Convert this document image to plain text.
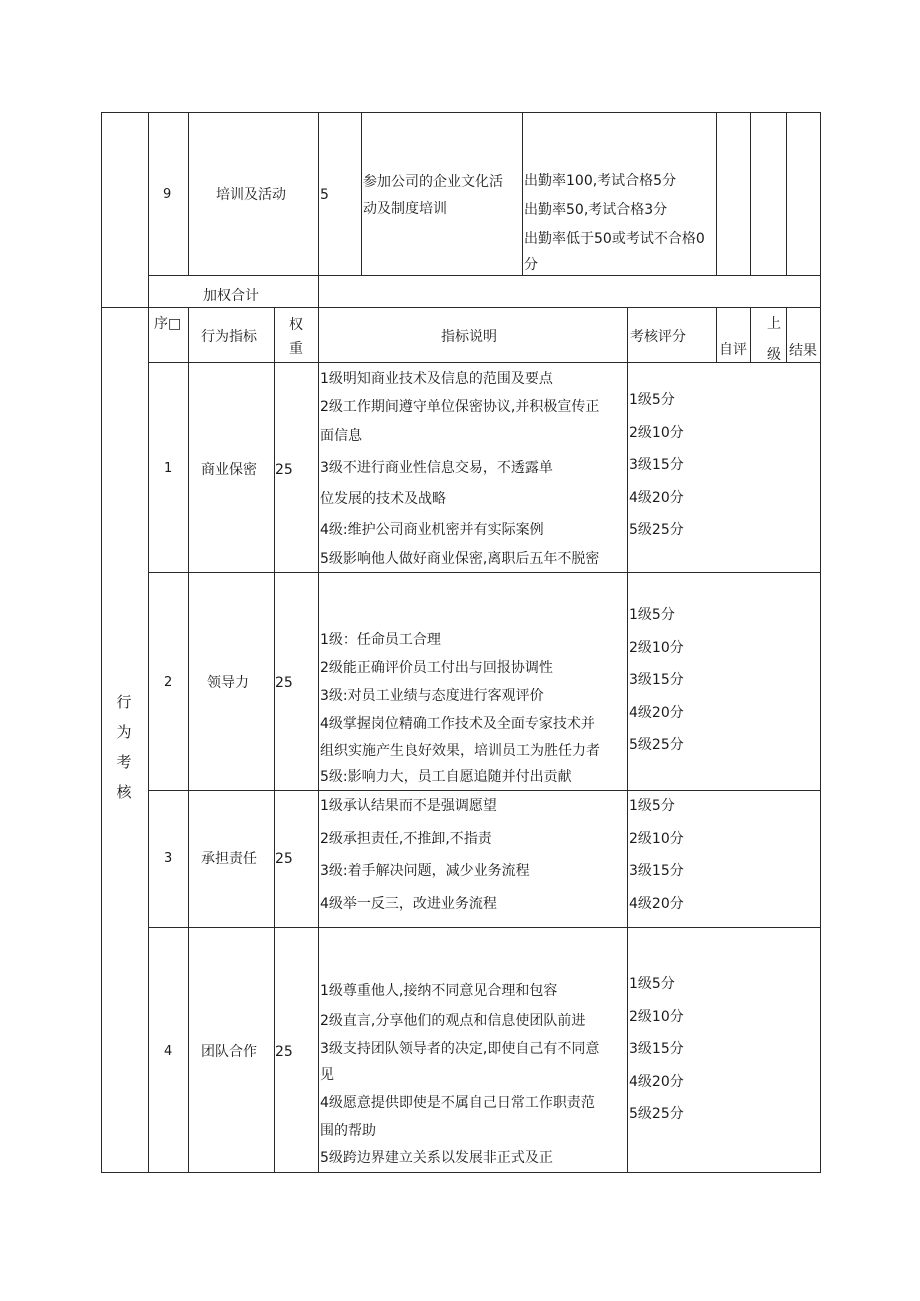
9	培训及活动 5
参加公司的企业文化活
动及制度培训
出勤率100,考试合格5分
出勤率50,考试合格3分
出勤率低于50或考试不合格0
分
加权合计
行
为
考
核
序□
行为指标
权
重
指标说明	考核评分
自评
上
级 结果
1 商业保密 25
1级明知商业技术及信息的范围及要点
2级工作期间遵守单位保密协议,并积极宣传正
面信息
3级不进行商业性信息交易，不透露单
位发展的技术及战略
4级:维护公司商业机密并有实际案例
5级影响他人做好商业保密,离职后五年不脱密
1级5分
2级10分
3级15分
4级20分
5级25分
2 领导力 25
1级：任命员工合理
2级能正确评价员工付出与回报协调性
3级:对员工业绩与态度进行客观评价
4级掌握岗位精确工作技术及全面专家技术并
组织实施产生良好效果，培训员工为胜任力者
5级:影响力大，员工自愿追随并付出贡献
1级5分
2级10分
3级15分
4级20分
5级25分
3 承担责任 25
1级承认结果而不是强调愿望
2级承担责任,不推卸,不指责
3级:着手解决问题，减少业务流程
4级举一反三，改进业务流程
1级5分
2级10分
3级15分
4级20分
4 团队合作 25
1级尊重他人,接纳不同意见合理和包容
2级直言,分享他们的观点和信息使团队前进
3级支持团队领导者的决定,即使自己有不同意
见
4级愿意提供即使是不属自己日常工作职责范
围的帮助
5级跨边界建立关系以发展非正式及正
1级5分
2级10分
3级15分
4级20分
5级25分
